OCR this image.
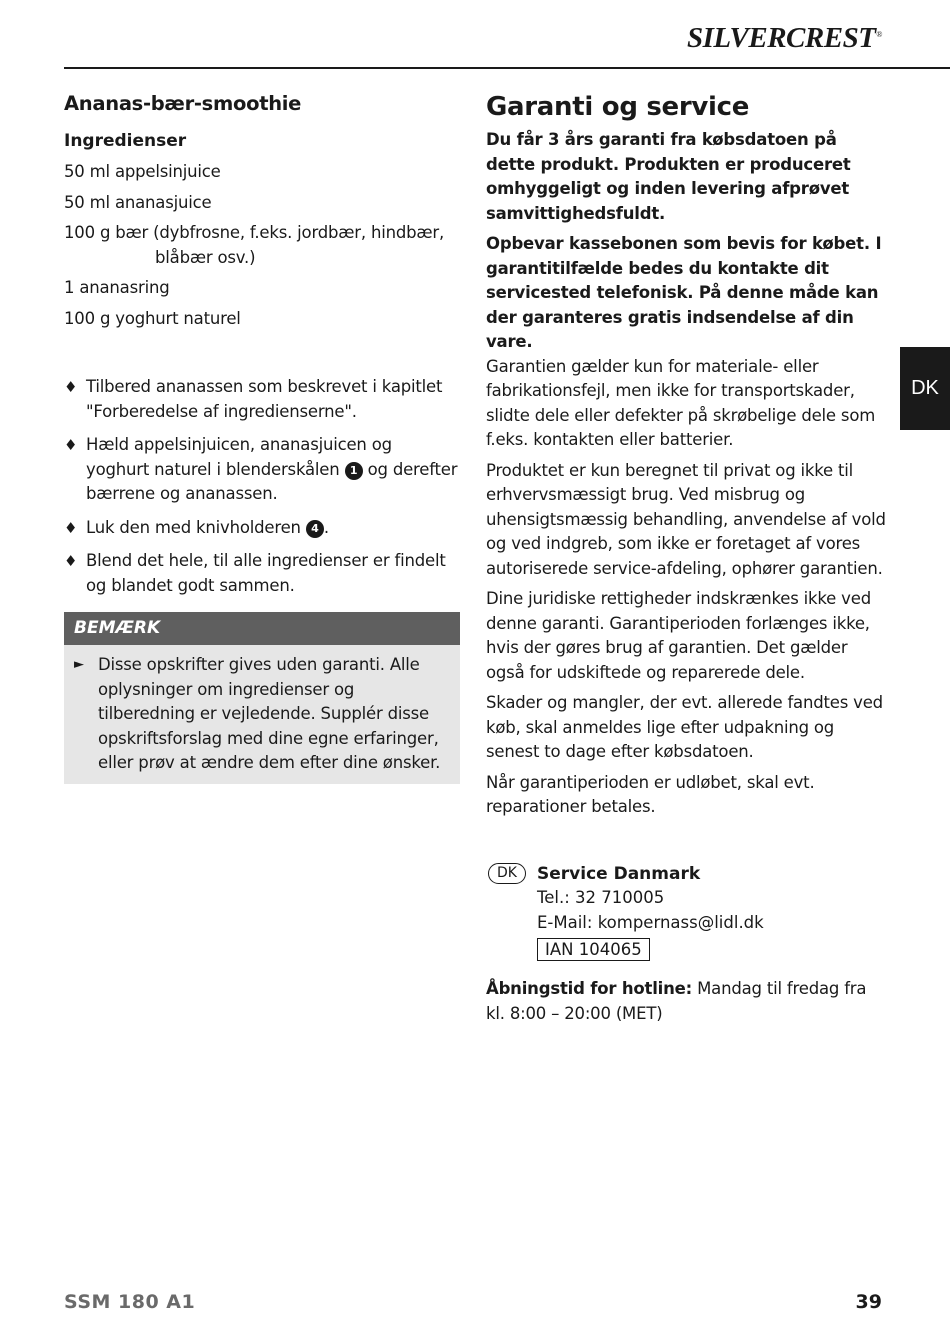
SILVERCREST®
DK
Ananas-bær-smoothie
Ingredienser
50 ml appelsinjuice
50 ml ananasjuice
100 g bær (dybfrosne, f.eks. jordbær, hindbær,
blåbær osv.)
1 ananasring
100 g yoghurt naturel
♦ Tilbered ananassen som beskrevet i kapitlet "Forberedelse af ingredienserne".
♦ Hæld appelsinjuicen, ananasjuicen og yoghurt naturel i blenderskålen 1 og derefter bærrene og ananassen.
♦ Luk den med knivholderen 4 .
♦ Blend det hele, til alle ingredienser er findelt og blandet godt sammen.
BEMÆRK
► Disse opskrifter gives uden garanti. Alle oplysninger om ingredienser og tilberedning er vejledende. Supplér disse opskriftsforslag med dine egne erfaringer, eller prøv at ændre dem efter dine ønsker.
Garanti og service
Du får 3 års garanti fra købsdatoen på dette produkt. Produkten er produceret omhyggeligt og inden levering afprøvet samvittighedsfuldt.
Opbevar kassebonen som bevis for købet. I garantitilfælde bedes du kontakte dit servicested telefonisk. På denne måde kan der garanteres gratis indsendelse af din vare.
Garantien gælder kun for materiale- eller fabrikationsfejl, men ikke for transportskader, slidte dele eller defekter på skrøbelige dele som f.eks. kontakten eller batterier.
Produktet er kun beregnet til privat og ikke til erhvervsmæssigt brug. Ved misbrug og uhensigtsmæssig behandling, anvendelse af vold og ved indgreb, som ikke er foretaget af vores autoriserede service-afdeling, ophører garantien.
Dine juridiske rettigheder indskrænkes ikke ved denne garanti. Garantiperioden forlænges ikke, hvis der gøres brug af garantien. Det gælder også for udskiftede og reparerede dele.
Skader og mangler, der evt. allerede fandtes ved køb, skal anmeldes lige efter udpakning og senest to dage efter købsdatoen.
Når garantiperioden er udløbet, skal evt. reparationer betales.
DK	Service Danmark
Tel.: 32 710005
E-Mail: kompernass@lidl.dk
IAN 104065
Åbningstid for hotline: Mandag til fredag fra kl. 8:00 – 20:00 (MET)
SSM 180 A1	39
